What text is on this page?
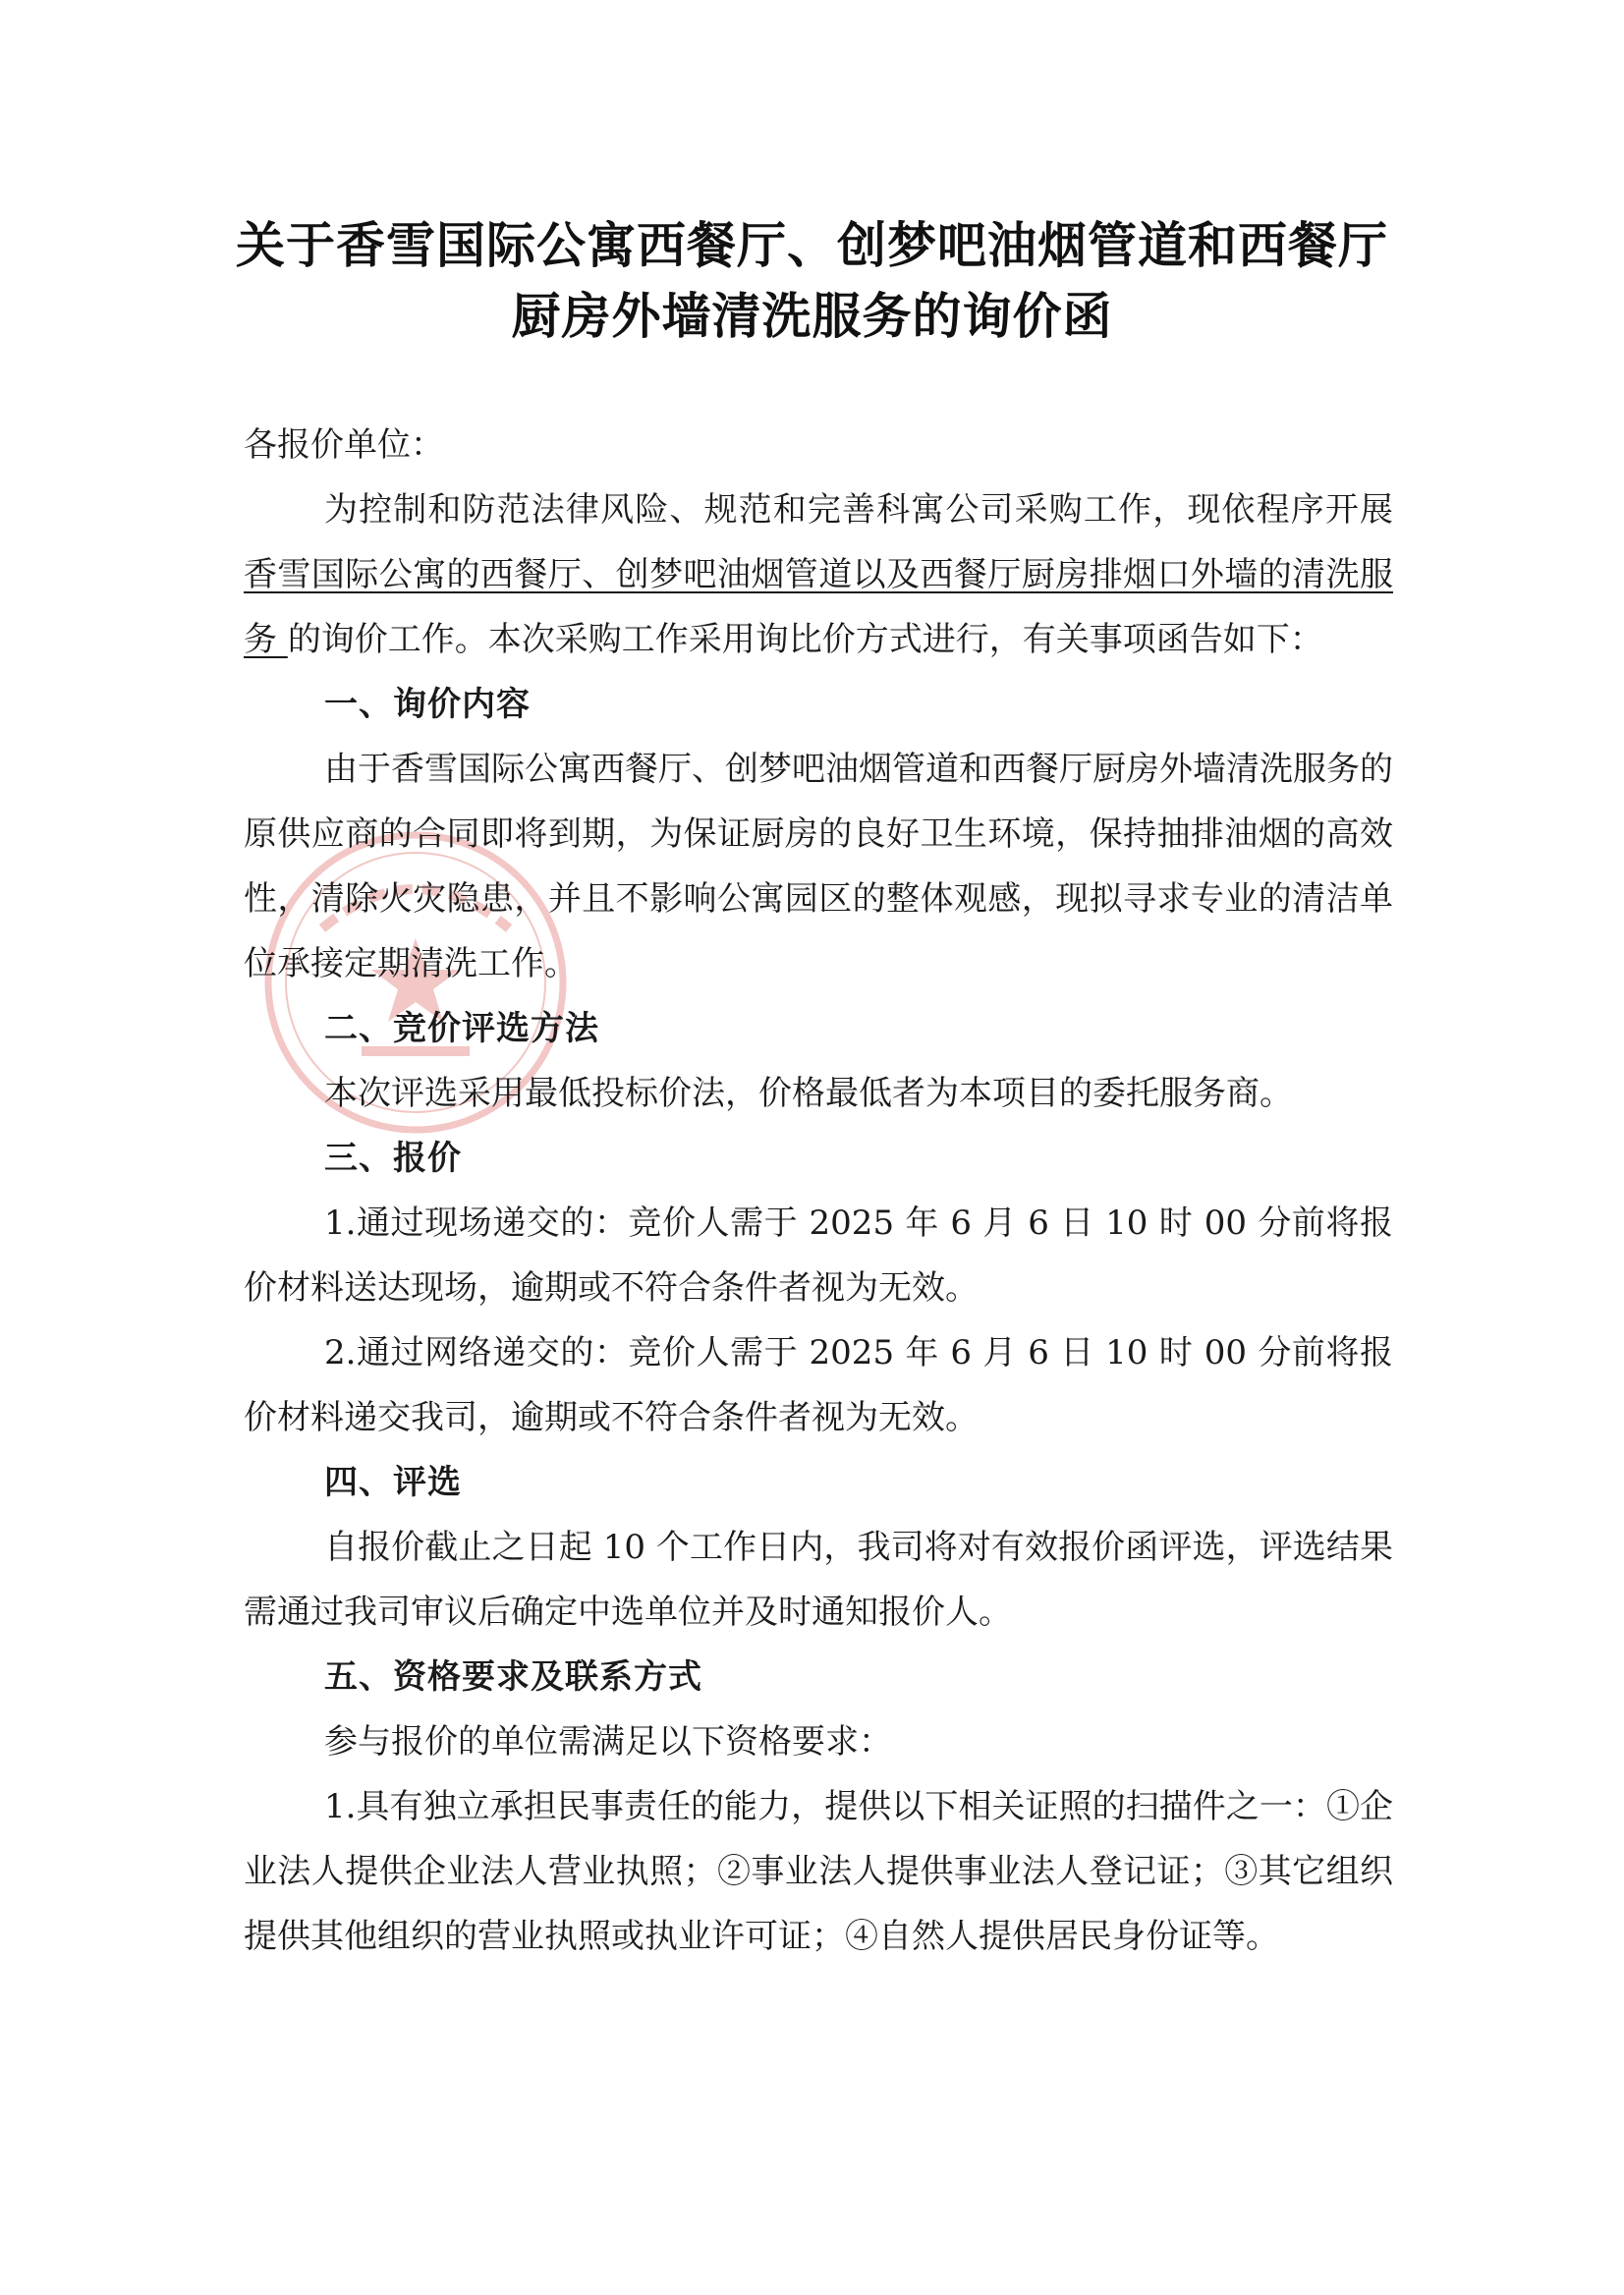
关于香雪国际公寓西餐厅、创梦吧油烟管道和西餐厅
厨房外墙清洗服务的询价函

各报价单位：

为控制和防范法律风险、规范和完善科寓公司采购工作，现依程序开展 香雪国际公寓的西餐厅、创梦吧油烟管道以及西餐厅厨房排烟口外墙的清洗服务 的询价工作。本次采购工作采用询比价方式进行，有关事项函告如下：

一、询价内容

由于香雪国际公寓西餐厅、创梦吧油烟管道和西餐厅厨房外墙清洗服务的原供应商的合同即将到期，为保证厨房的良好卫生环境，保持抽排油烟的高效性，清除火灾隐患，并且不影响公寓园区的整体观感，现拟寻求专业的清洁单位承接定期清洗工作。

二、竞价评选方法

本次评选采用最低投标价法，价格最低者为本项目的委托服务商。

三、报价

1.通过现场递交的：竞价人需于 2025 年 6 月 6 日 10 时 00 分前将报价材料送达现场，逾期或不符合条件者视为无效。

2.通过网络递交的：竞价人需于 2025 年 6 月 6 日 10 时 00 分前将报价材料递交我司，逾期或不符合条件者视为无效。

四、评选

自报价截止之日起 10 个工作日内，我司将对有效报价函评选，评选结果需通过我司审议后确定中选单位并及时通知报价人。

五、资格要求及联系方式

参与报价的单位需满足以下资格要求：

1.具有独立承担民事责任的能力，提供以下相关证照的扫描件之一：①企业法人提供企业法人营业执照；②事业法人提供事业法人登记证；③其它组织提供其他组织的营业执照或执业许可证；④自然人提供居民身份证等。
